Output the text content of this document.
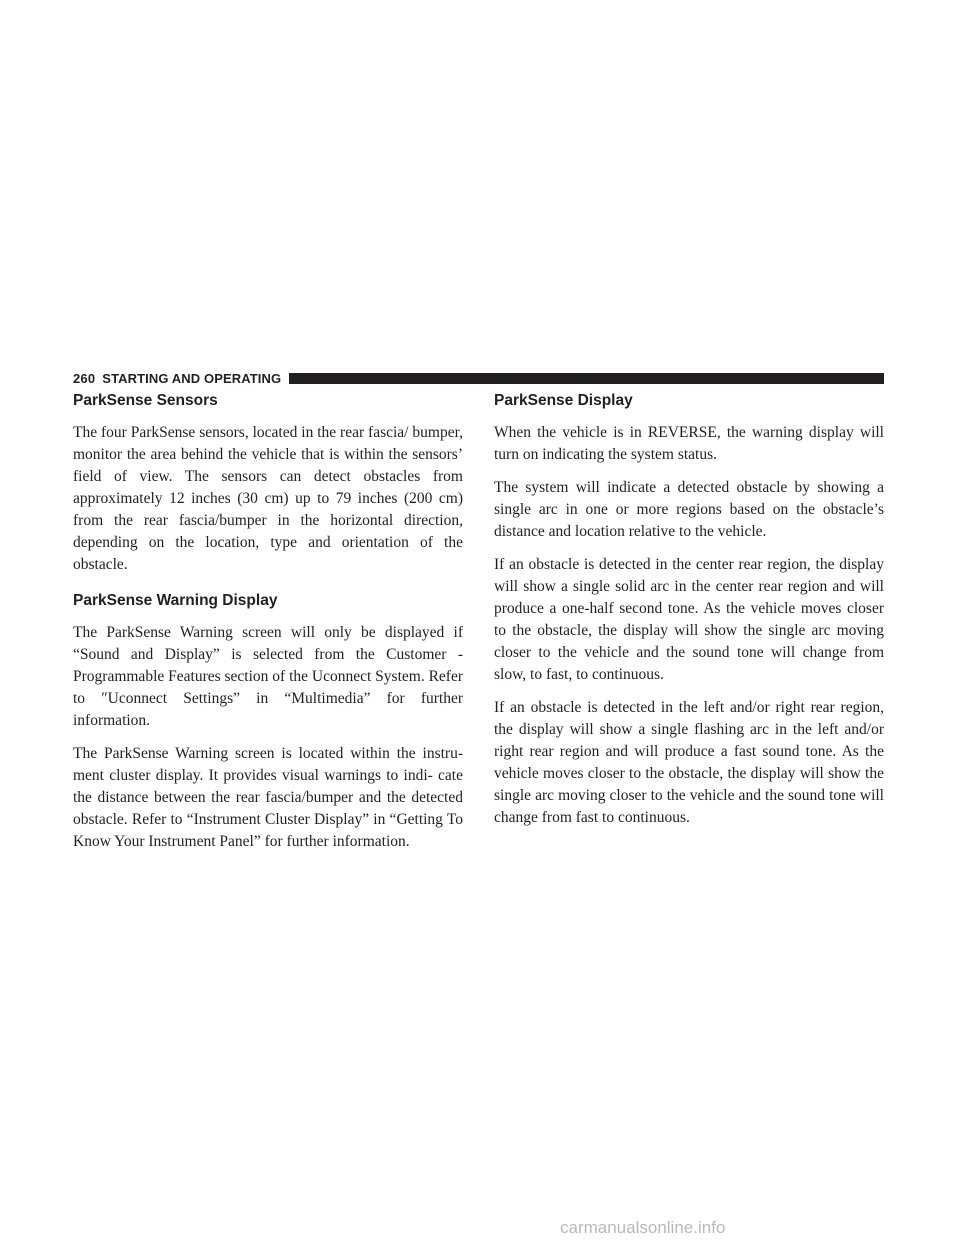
260 STARTING AND OPERATING
ParkSense Sensors

The four ParkSense sensors, located in the rear fascia/ bumper, monitor the area behind the vehicle that is within the sensors’ field of view. The sensors can detect obstacles from approximately 12 inches (30 cm) up to 79 inches (200 cm) from the rear fascia/bumper in the horizontal direction, depending on the location, type and orientation of the obstacle.

ParkSense Warning Display

The ParkSense Warning screen will only be displayed if “Sound and Display” is selected from the Customer - Programmable Features section of the Uconnect System. Refer to ″Uconnect Settings” in “Multimedia” for further information.

The ParkSense Warning screen is located within the instru- ment cluster display. It provides visual warnings to indi- cate the distance between the rear fascia/bumper and the detected obstacle. Refer to “Instrument Cluster Display” in “Getting To Know Your Instrument Panel” for further information.

ParkSense Display

When the vehicle is in REVERSE, the warning display will turn on indicating the system status.

The system will indicate a detected obstacle by showing a single arc in one or more regions based on the obstacle’s distance and location relative to the vehicle.

If an obstacle is detected in the center rear region, the display will show a single solid arc in the center rear region and will produce a one-half second tone. As the vehicle moves closer to the obstacle, the display will show the single arc moving closer to the vehicle and the sound tone will change from slow, to fast, to continuous.

If an obstacle is detected in the left and/or right rear region, the display will show a single flashing arc in the left and/or right rear region and will produce a fast sound tone. As the vehicle moves closer to the obstacle, the display will show the single arc moving closer to the vehicle and the sound tone will change from fast to continuous.

carmanualsonline.info
